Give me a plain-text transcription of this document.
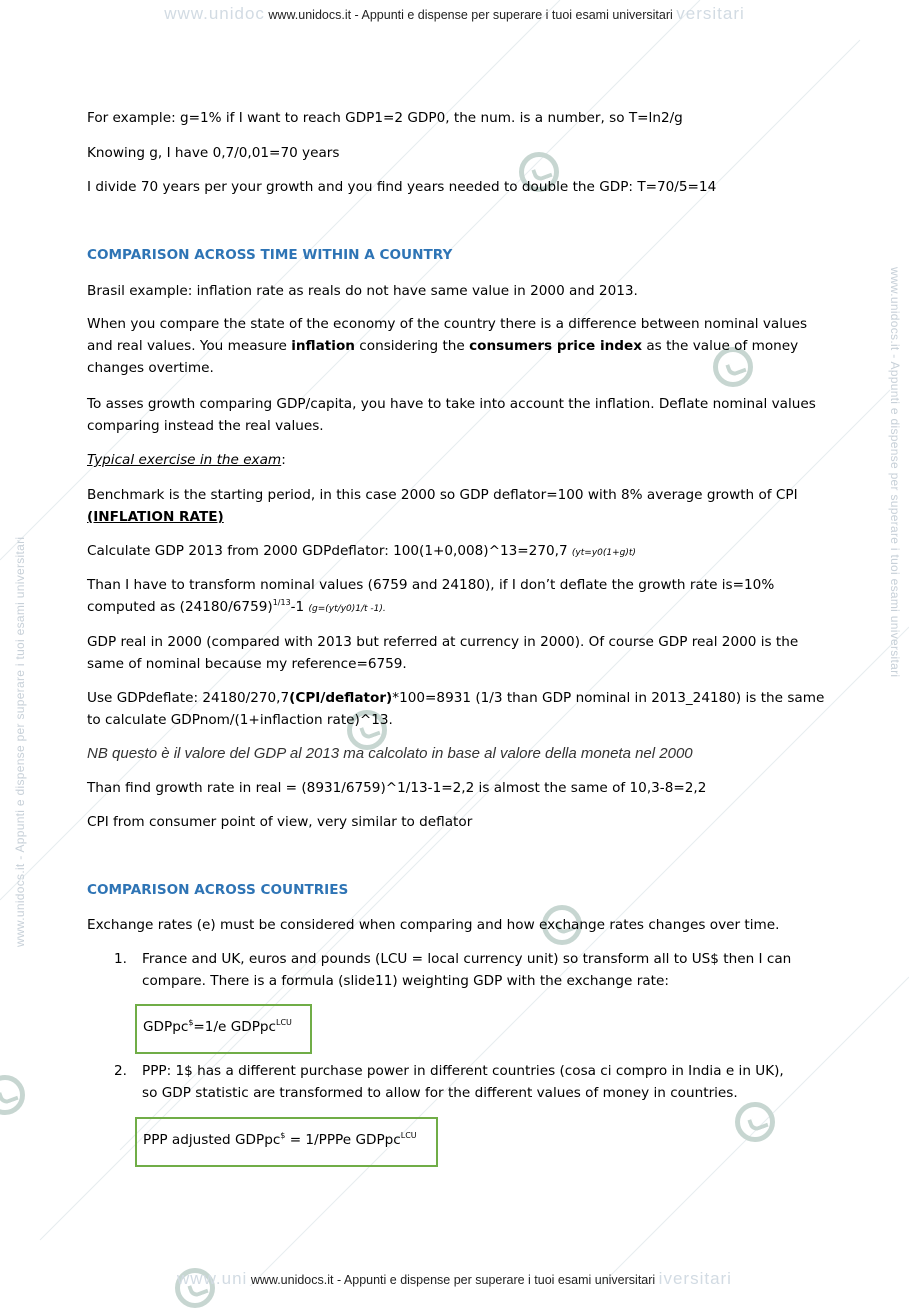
www.unidoc www.unidocs.it - Appunti e dispense per superare i tuoi esami universitari versitari
www.uni www.unidocs.it - Appunti e dispense per superare i tuoi esami universitari iversitari
www.unidocs.it - Appunti e dispense per superare i tuoi esami universitari
www.unidocs.it - Appunti e dispense per superare i tuoi esami universitari

For example: g=1% if I want to reach GDP1=2 GDP0, the num. is a number, so T=ln2/g

Knowing g, I have 0,7/0,01=70 years

I divide 70 years per your growth and you find years needed to double the GDP: T=70/5=14

COMPARISON ACROSS TIME WITHIN A COUNTRY

Brasil example: inflation rate as reals do not have same value in 2000 and 2013.

When you compare the state of the economy of the country there is a difference between nominal values and real values. You measure inflation considering the consumers price index as the value of money changes overtime.

To asses growth comparing GDP/capita, you have to take into account the inflation. Deflate nominal values comparing instead the real values.

Typical exercise in the exam:

Benchmark is the starting period, in this case 2000 so GDP deflator=100 with 8% average growth of CPI (INFLATION RATE)

Calculate GDP 2013 from 2000 GDPdeflator: 100(1+0,008)^13=270,7 (yt=y0(1+g)t)

Than I have to transform nominal values (6759 and 24180), if I don’t deflate the growth rate is=10% computed as $(24180/6759)^{1/13}-1$ (g=(yt/y0)1/t -1).

GDP real in 2000 (compared with 2013 but referred at currency in 2000). Of course GDP real 2000 is the same of nominal because my reference=6759.

Use GDPdeflate: 24180/270,7(CPI/deflator)*100=8931 (1/3 than GDP nominal in 2013_24180) is the same to calculate GDPnom/(1+inflaction rate)^13.

NB questo è il valore del GDP al 2013 ma calcolato in base al valore della moneta nel 2000

Than find growth rate in real = (8931/6759)^1/13-1=2,2 is almost the same of 10,3-8=2,2

CPI from consumer point of view, very similar to deflator

COMPARISON ACROSS COUNTRIES

Exchange rates (e) must be considered when comparing and how exchange rates changes over time.

1. France and UK, euros and pounds (LCU = local currency unit) so transform all to US$ then I can compare. There is a formula (slide11) weighting GDP with the exchange rate:
GDPpc$=1/e GDPpc$^{LCU}$
2. PPP: 1$ has a different purchase power in different countries (cosa ci compro in India e in UK), so GDP statistic are transformed to allow for the different values of money in countries.
PPP adjusted GDPpc$ = 1/PPPe GDPpc$^{LCU}$
